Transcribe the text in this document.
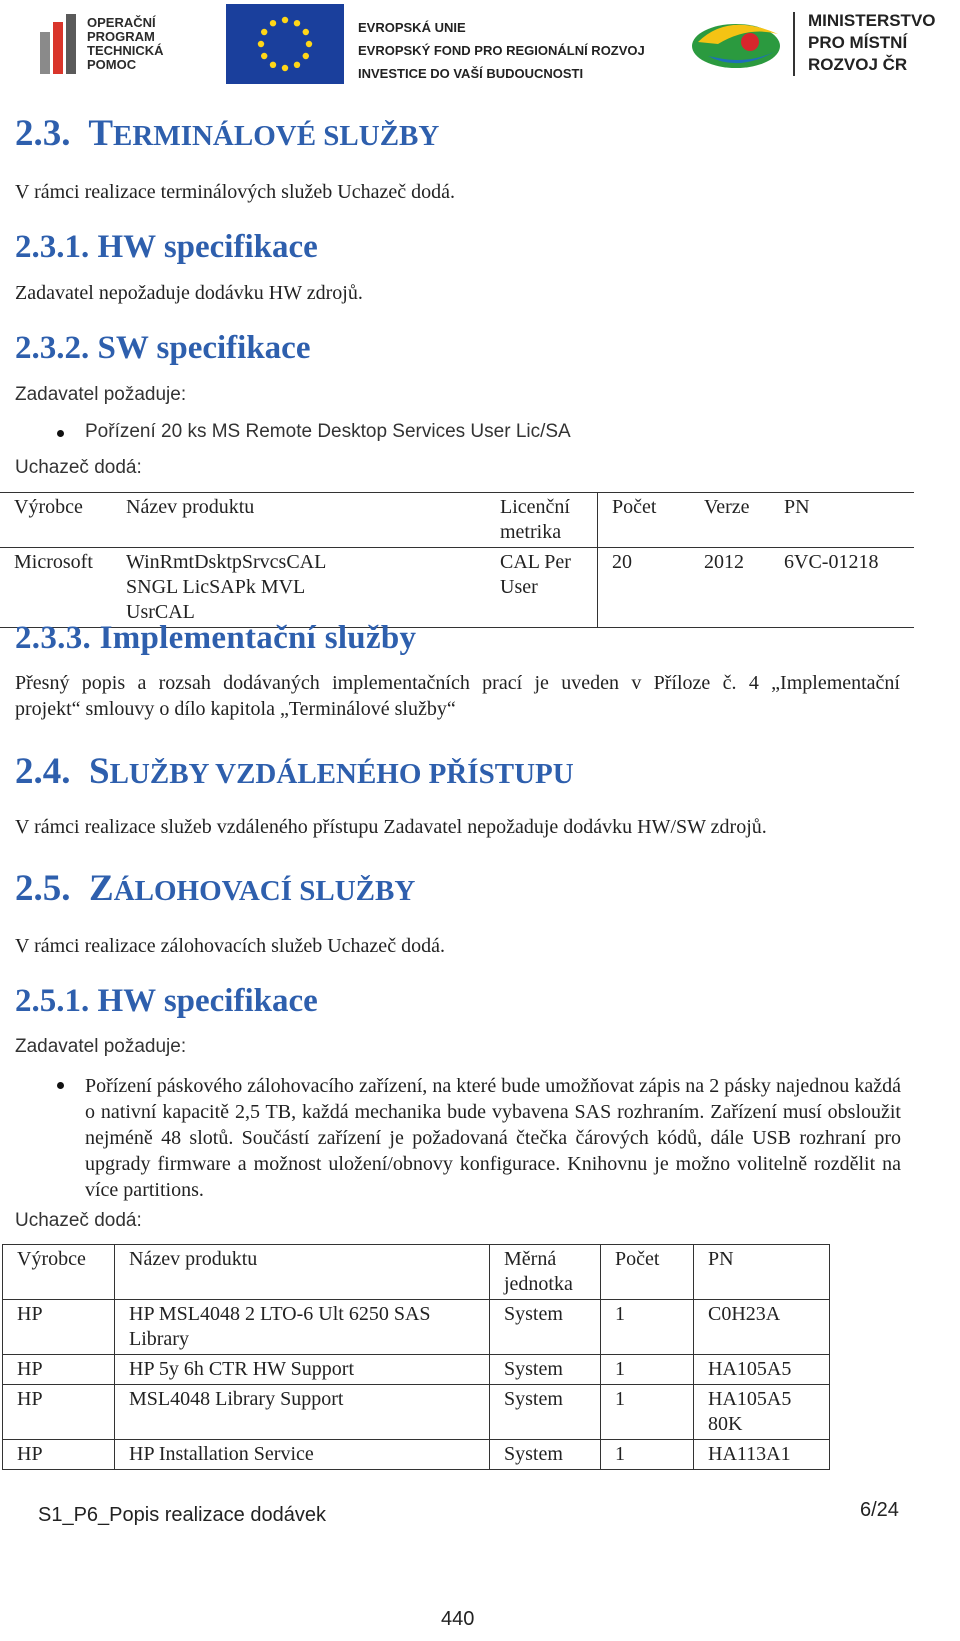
OPERAČNÍ
PROGRAM
TECHNICKÁ
POMOC
EVROPSKÁ UNIE
EVROPSKÝ FOND PRO REGIONÁLNÍ ROZVOJ
INVESTICE DO VAŠÍ BUDOUCNOSTI
MINISTERSTVO
PRO MÍSTNÍ
ROZVOJ ČR
2.3. TERMINÁLOVÉ SLUŽBY
V rámci realizace terminálových služeb Uchazeč dodá.
2.3.1. HW specifikace
Zadavatel nepožaduje dodávku HW zdrojů.
2.3.2. SW specifikace
Zadavatel požaduje:
Pořízení 20 ks MS Remote Desktop Services User Lic/SA
Uchazeč dodá:
Výrobce	Název produktu	Licenční metrika	Počet	Verze	PN
Microsoft	WinRmtDsktpSrvcsCAL SNGL LicSAPk MVL UsrCAL	CAL Per User	20	2012	6VC-01218
2.3.3. Implementační služby
Přesný popis a rozsah dodávaných implementačních prací je uveden v Příloze č. 4 „Implementační
projekt“ smlouvy o dílo kapitola „Terminálové služby“
2.4. SLUŽBY VZDÁLENÉHO PŘÍSTUPU
V rámci realizace služeb vzdáleného přístupu Zadavatel nepožaduje dodávku HW/SW zdrojů.
2.5. ZÁLOHOVACÍ SLUŽBY
V rámci realizace zálohovacích služeb Uchazeč dodá.
2.5.1. HW specifikace
Zadavatel požaduje:
Pořízení páskového zálohovacího zařízení, na které bude umožňovat zápis na 2 pásky najednou každá o nativní kapacitě 2,5 TB, každá mechanika bude vybavena SAS rozhraním. Zařízení musí obsloužit nejméně 48 slotů. Součástí zařízení je požadovaná čtečka čárových kódů, dále USB rozhraní pro upgrady firmware a možnost uložení/obnovy konfigurace. Knihovnu je možno volitelně rozdělit na více partitions.
Uchazeč dodá:
Výrobce	Název produktu	Měrná jednotka	Počet	PN
HP	HP MSL4048 2 LTO-6 Ult 6250 SAS Library	System	1	C0H23A
HP	HP 5y 6h CTR HW Support	System	1	HA105A5
HP	MSL4048 Library Support	System	1	HA105A5 80K
HP	HP Installation Service	System	1	HA113A1
S1_P6_Popis realizace dodávek	6/24
440
